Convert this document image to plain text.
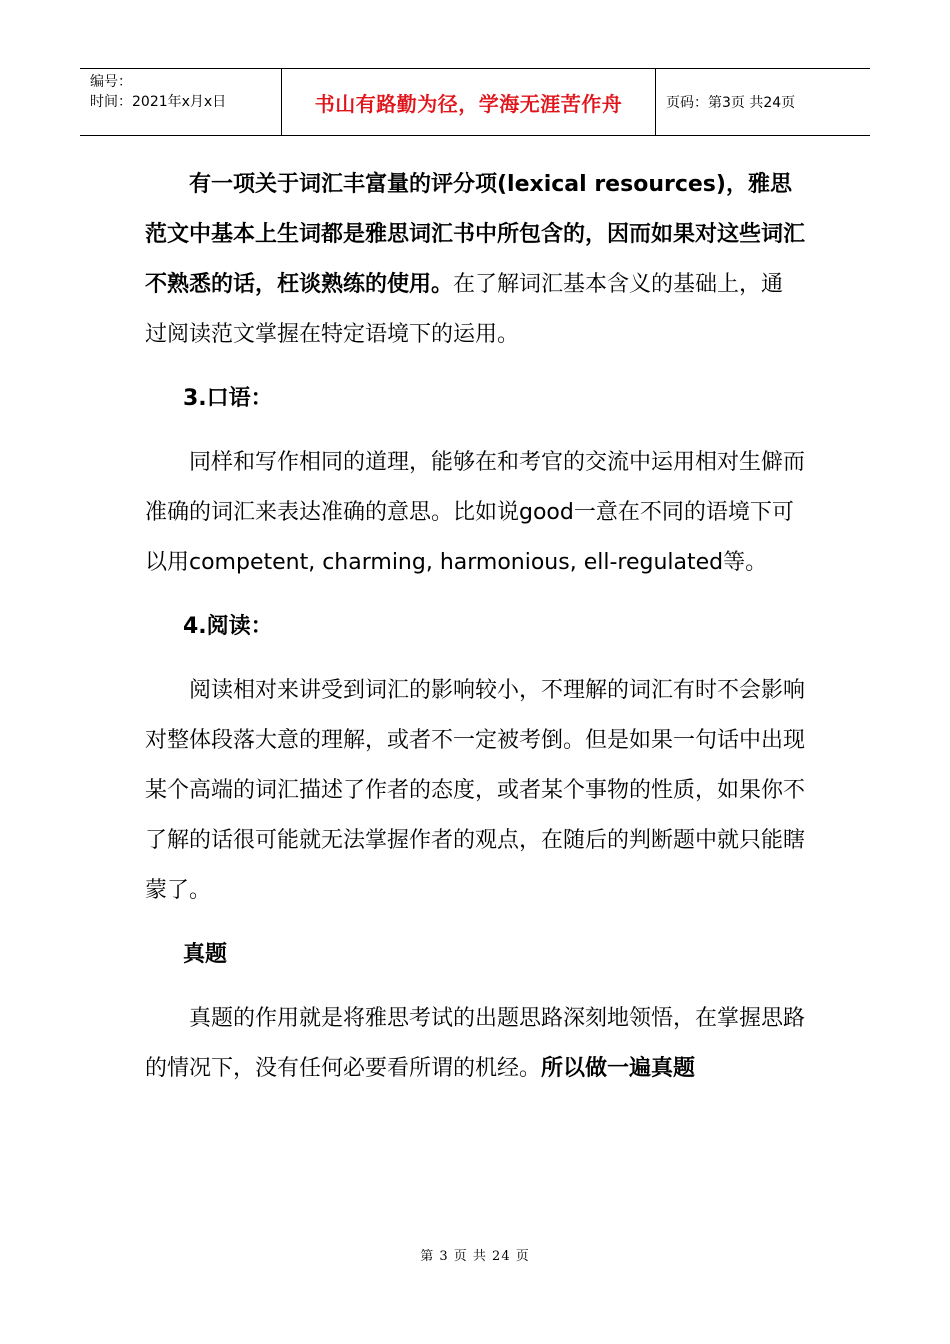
编号：
时间：2021年x月x日	书山有路勤为径，学海无涯苦作舟	页码：第3页 共24页

有一项关于词汇丰富量的评分项(lexical resources)，雅思范文中基本上生词都是雅思词汇书中所包含的，因而如果对这些词汇不熟悉的话，枉谈熟练的使用。在了解词汇基本含义的基础上，通过阅读范文掌握在特定语境下的运用。

3.口语：

同样和写作相同的道理，能够在和考官的交流中运用相对生僻而准确的词汇来表达准确的意思。比如说good一意在不同的语境下可以用competent, charming, harmonious, ell-regulated等。

4.阅读：

阅读相对来讲受到词汇的影响较小，不理解的词汇有时不会影响对整体段落大意的理解，或者不一定被考倒。但是如果一句话中出现某个高端的词汇描述了作者的态度，或者某个事物的性质，如果你不了解的话很可能就无法掌握作者的观点，在随后的判断题中就只能瞎蒙了。

真题

真题的作用就是将雅思考试的出题思路深刻地领悟，在掌握思路的情况下，没有任何必要看所谓的机经。所以做一遍真题

第 3 页 共 24 页
